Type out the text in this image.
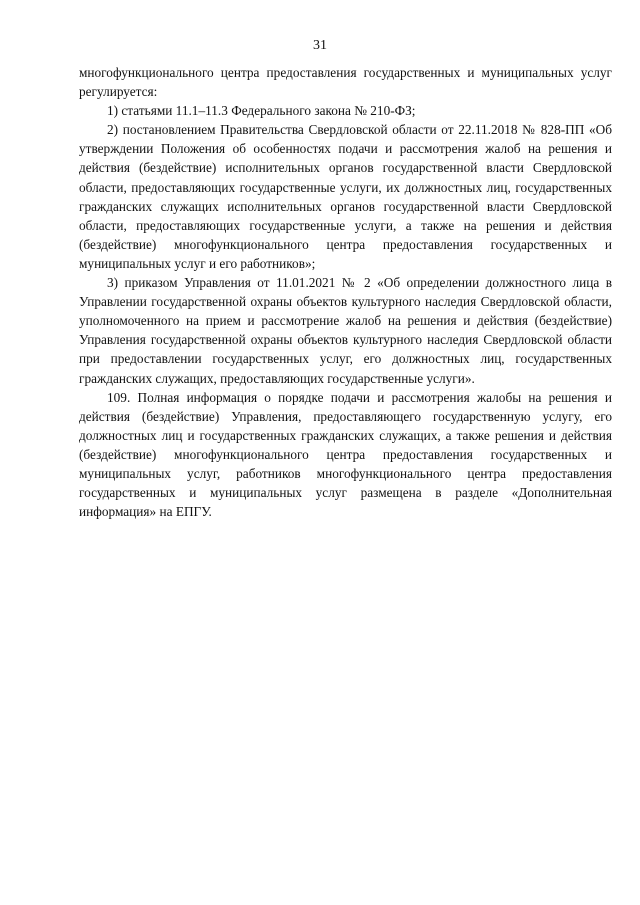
31

многофункционального центра предоставления государственных и муниципальных услуг регулируется:

1) статьями 11.1–11.3 Федерального закона № 210-ФЗ;

2) постановлением Правительства Свердловской области от 22.11.2018 № 828-ПП «Об утверждении Положения об особенностях подачи и рассмотрения жалоб на решения и действия (бездействие) исполнительных органов государственной власти Свердловской области, предоставляющих государственные услуги, их должностных лиц, государственных гражданских служащих исполнительных органов государственной власти Свердловской области, предоставляющих государственные услуги, а также на решения и действия (бездействие) многофункционального центра предоставления государственных и муниципальных услуг и его работников»;

3) приказом Управления от 11.01.2021 № 2 «Об определении должностного лица в Управлении государственной охраны объектов культурного наследия Свердловской области, уполномоченного на прием и рассмотрение жалоб на решения и действия (бездействие) Управления государственной охраны объектов культурного наследия Свердловской области при предоставлении государственных услуг, его должностных лиц, государственных гражданских служащих, предоставляющих государственные услуги».

109. Полная информация о порядке подачи и рассмотрения жалобы на решения и действия (бездействие) Управления, предоставляющего государственную услугу, его должностных лиц и государственных гражданских служащих, а также решения и действия (бездействие) многофункционального центра предоставления государственных и муниципальных услуг, работников многофункционального центра предоставления государственных и муниципальных услуг размещена в разделе «Дополнительная информация» на ЕПГУ.
